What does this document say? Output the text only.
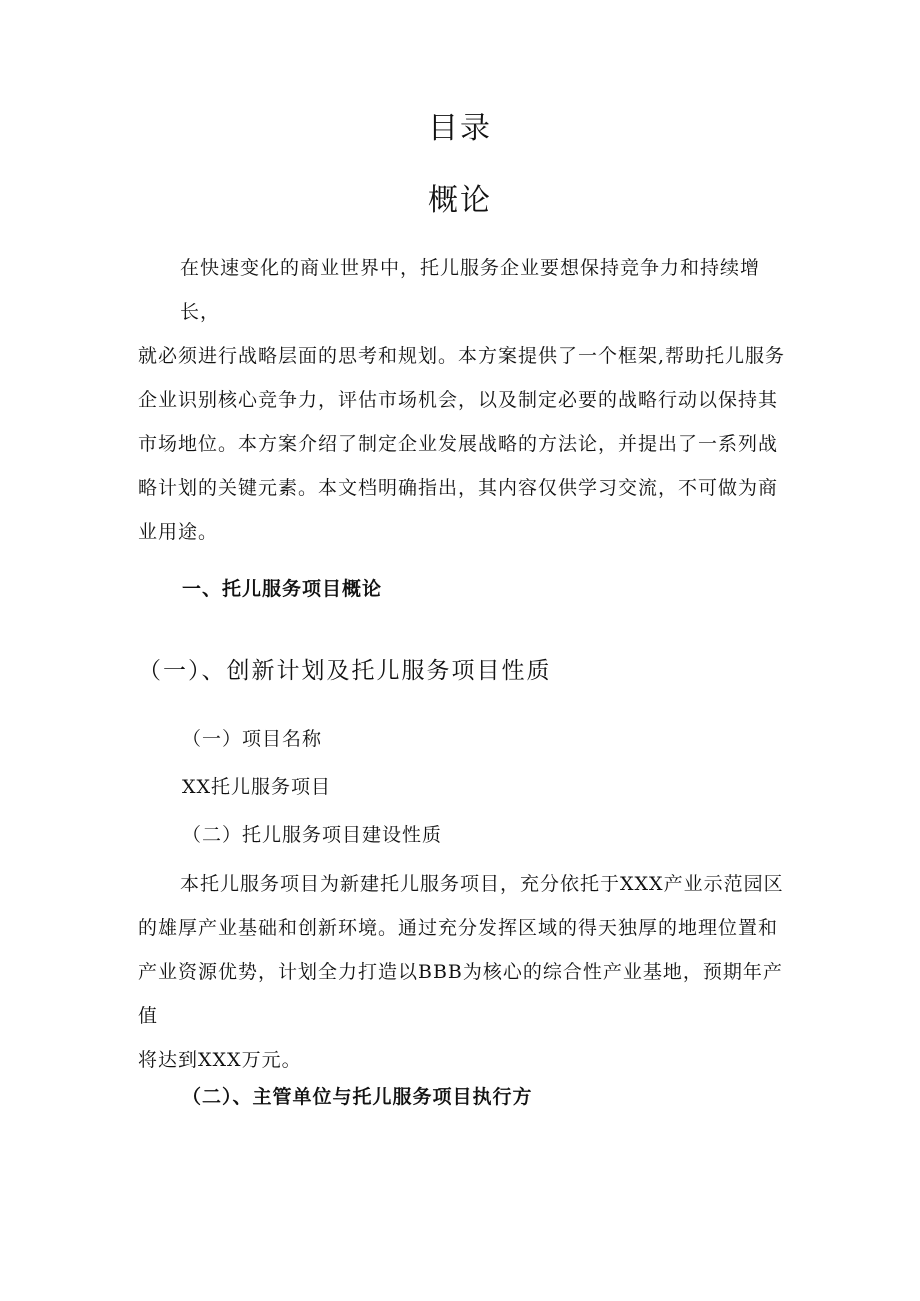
目录
概论
在快速变化的商业世界中，托儿服务企业要想保持竞争力和持续增长，
就必须进行战略层面的思考和规划。本方案提供了一个框架,帮助托儿服务
企业识别核心竞争力，评估市场机会，以及制定必要的战略行动以保持其
市场地位。本方案介绍了制定企业发展战略的方法论，并提出了一系列战
略计划的关键元素。本文档明确指出，其内容仅供学习交流，不可做为商
业用途。
一、托儿服务项目概论
（一）、创新计划及托儿服务项目性质
（一）项目名称

XX托儿服务项目

（二）托儿服务项目建设性质
本托儿服务项目为新建托儿服务项目，充分依托于XXX产业示范园区
的雄厚产业基础和创新环境。通过充分发挥区域的得天独厚的地理位置和
产业资源优势，计划全力打造以BBB为核心的综合性产业基地，预期年产值
将达到XXX万元。
（二）、主管单位与托儿服务项目执行方
